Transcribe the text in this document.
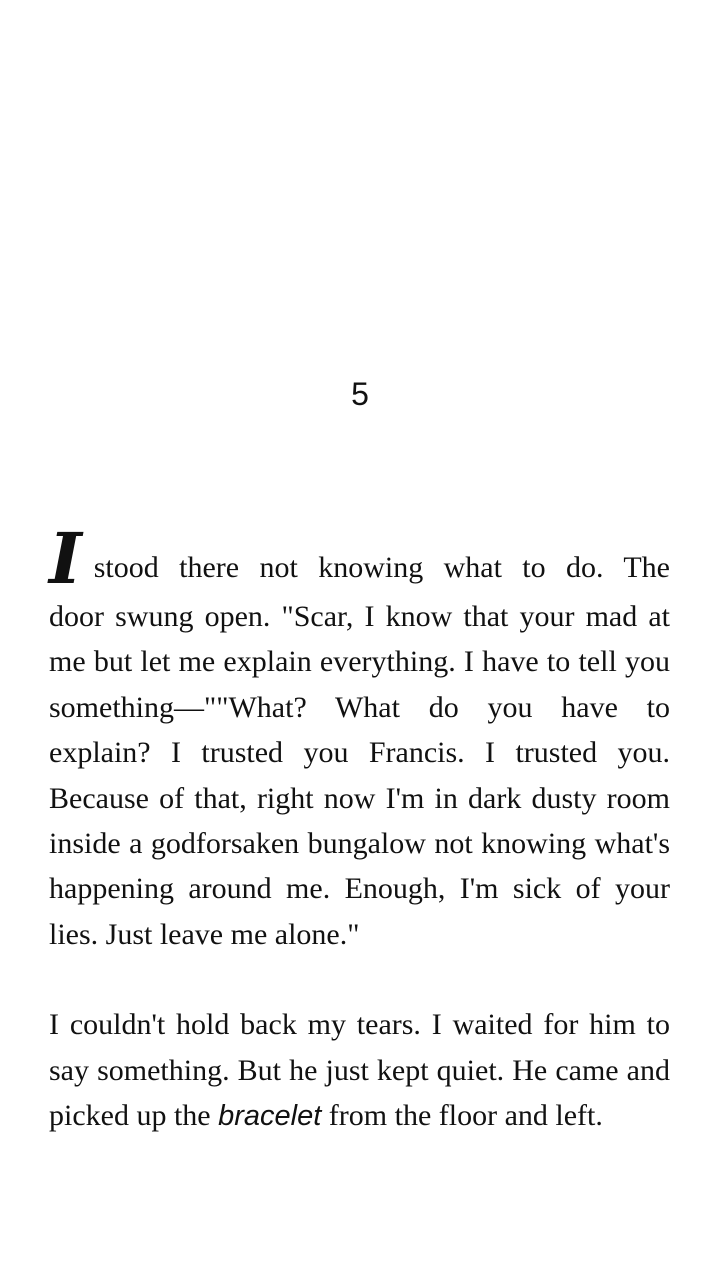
5
I stood there not knowing what to do. The

door swung open. "Scar, I know that your mad at me but let me explain everything. I have to tell you something—""What? What do you have to explain? I trusted you Francis. I trusted you. Because of that, right now I'm in dark dusty room inside a godforsaken bungalow not knowing what's happening around me. Enough, I'm sick of your lies. Just leave me alone."

I couldn't hold back my tears. I waited for him to say something. But he just kept quiet. He came and picked up the bracelet from the floor and left.
